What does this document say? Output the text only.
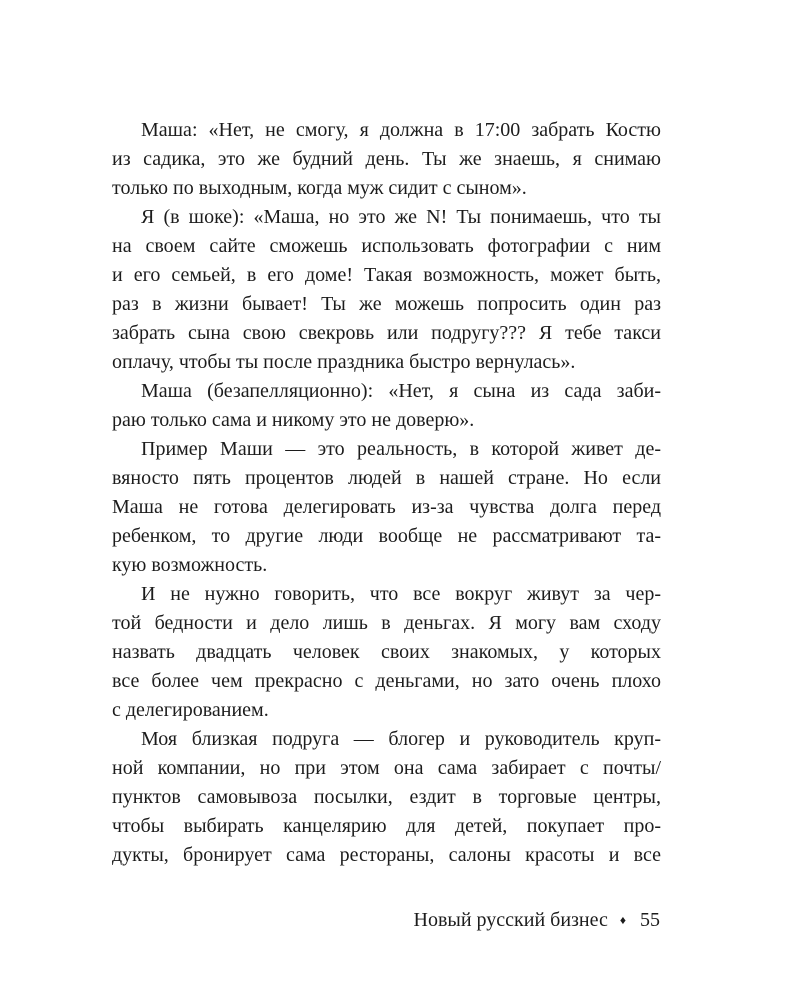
Маша: «Нет, не смогу, я должна в 17:00 забрать Костю
из садика, это же будний день. Ты же знаешь, я снимаю
только по выходным, когда муж сидит с сыном».
Я (в шоке): «Маша, но это же N! Ты понимаешь, что ты
на своем сайте сможешь использовать фотографии с ним
и его семьей, в его доме! Такая возможность, может быть,
раз в жизни бывает! Ты же можешь попросить один раз
забрать сына свою свекровь или подругу??? Я тебе такси
оплачу, чтобы ты после праздника быстро вернулась».
Маша (безапелляционно): «Нет, я сына из сада заби-
раю только сама и никому это не доверю».
Пример Маши — это реальность, в которой живет де-
вяносто пять процентов людей в нашей стране. Но если
Маша не готова делегировать из-за чувства долга перед
ребенком, то другие люди вообще не рассматривают та-
кую возможность.
И не нужно говорить, что все вокруг живут за чер-
той бедности и дело лишь в деньгах. Я могу вам сходу
назвать двадцать человек своих знакомых, у которых
все более чем прекрасно с деньгами, но зато очень плохо
с делегированием.
Моя близкая подруга — блогер и руководитель круп-
ной компании, но при этом она сама забирает с почты/
пунктов самовывоза посылки, ездит в торговые центры,
чтобы выбирать канцелярию для детей, покупает про-
дукты, бронирует сама рестораны, салоны красоты и все
Новый русский бизнес ♦ 55
